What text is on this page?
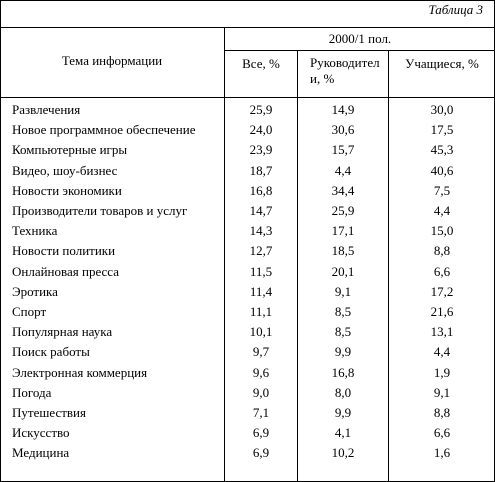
Таблица 3
Тема информации
2000/1 пол.
Все, %	Руководител и, %
Учащиеся, %
Развлечения	25,9	14,9	30,0
Новое программное обеспечение	24,0	30,6	17,5
Компьютерные игры	23,9	15,7	45,3
Видео, шоу-бизнес	18,7	4,4	40,6
Новости экономики	16,8	34,4	7,5
Производители товаров и услуг	14,7	25,9	4,4
Техника	14,3	17,1	15,0
Новости политики	12,7	18,5	8,8
Онлайновая пресса	11,5	20,1	6,6
Эротика	11,4	9,1	17,2
Спорт	11,1	8,5	21,6
Популярная наука	10,1	8,5	13,1
Поиск работы	9,7	9,9	4,4
Электронная коммерция	9,6	16,8	1,9
Погода	9,0	8,0	9,1
Путешествия	7,1	9,9	8,8
Искусство	6,9	4,1	6,6
Медицина	6,9	10,2	1,6
